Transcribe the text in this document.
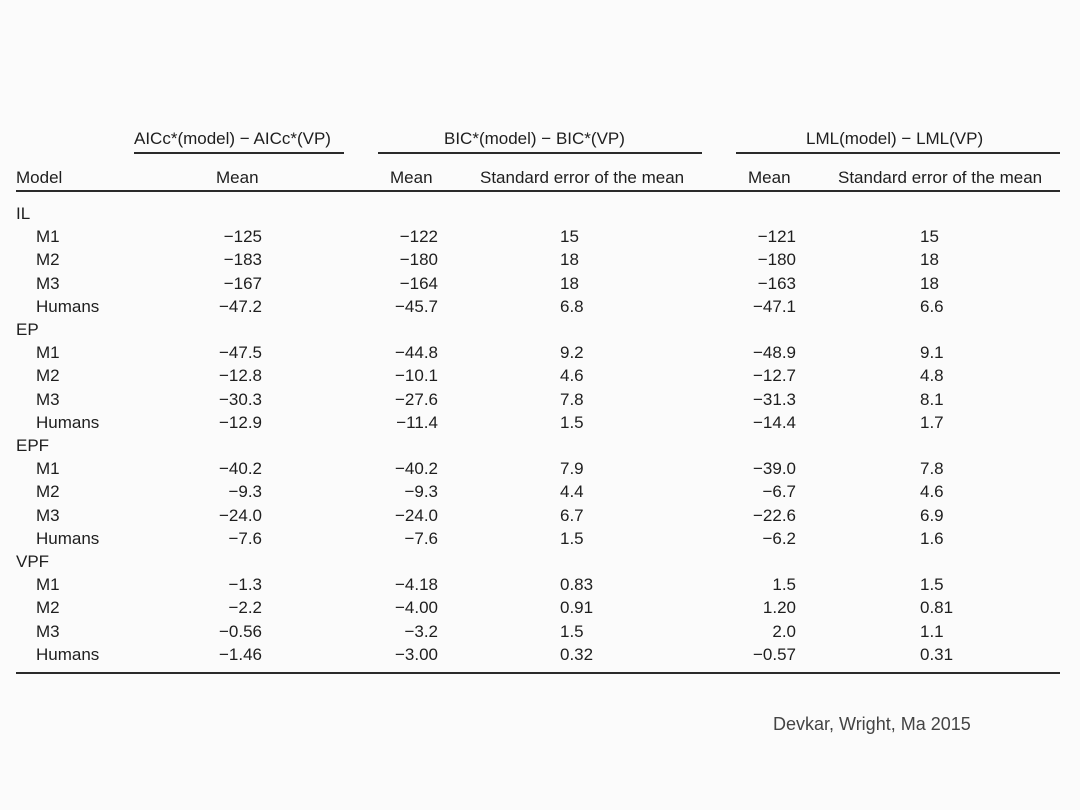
AICc*(model) − AICc*(VP)	BIC*(model) − BIC*(VP)	LML(model) − LML(VP)
Model	Mean	Mean	Standard error of the mean	Mean	Standard error of the mean
IL
M1	−125	−122	15	−121	15
M2	−183	−180	18	−180	18
M3	−167	−164	18	−163	18
Humans	−47.2	−45.7	6.8	−47.1	6.6
EP
M1	−47.5	−44.8	9.2	−48.9	9.1
M2	−12.8	−10.1	4.6	−12.7	4.8
M3	−30.3	−27.6	7.8	−31.3	8.1
Humans	−12.9	−11.4	1.5	−14.4	1.7
EPF
M1	−40.2	−40.2	7.9	−39.0	7.8
M2	−9.3	−9.3	4.4	−6.7	4.6
M3	−24.0	−24.0	6.7	−22.6	6.9
Humans	−7.6	−7.6	1.5	−6.2	1.6
VPF
M1	−1.3	−4.18	0.83	1.5	1.5
M2	−2.2	−4.00	0.91	1.20	0.81
M3	−0.56	−3.2	1.5	2.0	1.1
Humans	−1.46	−3.00	0.32	−0.57	0.31
Devkar, Wright, Ma 2015
